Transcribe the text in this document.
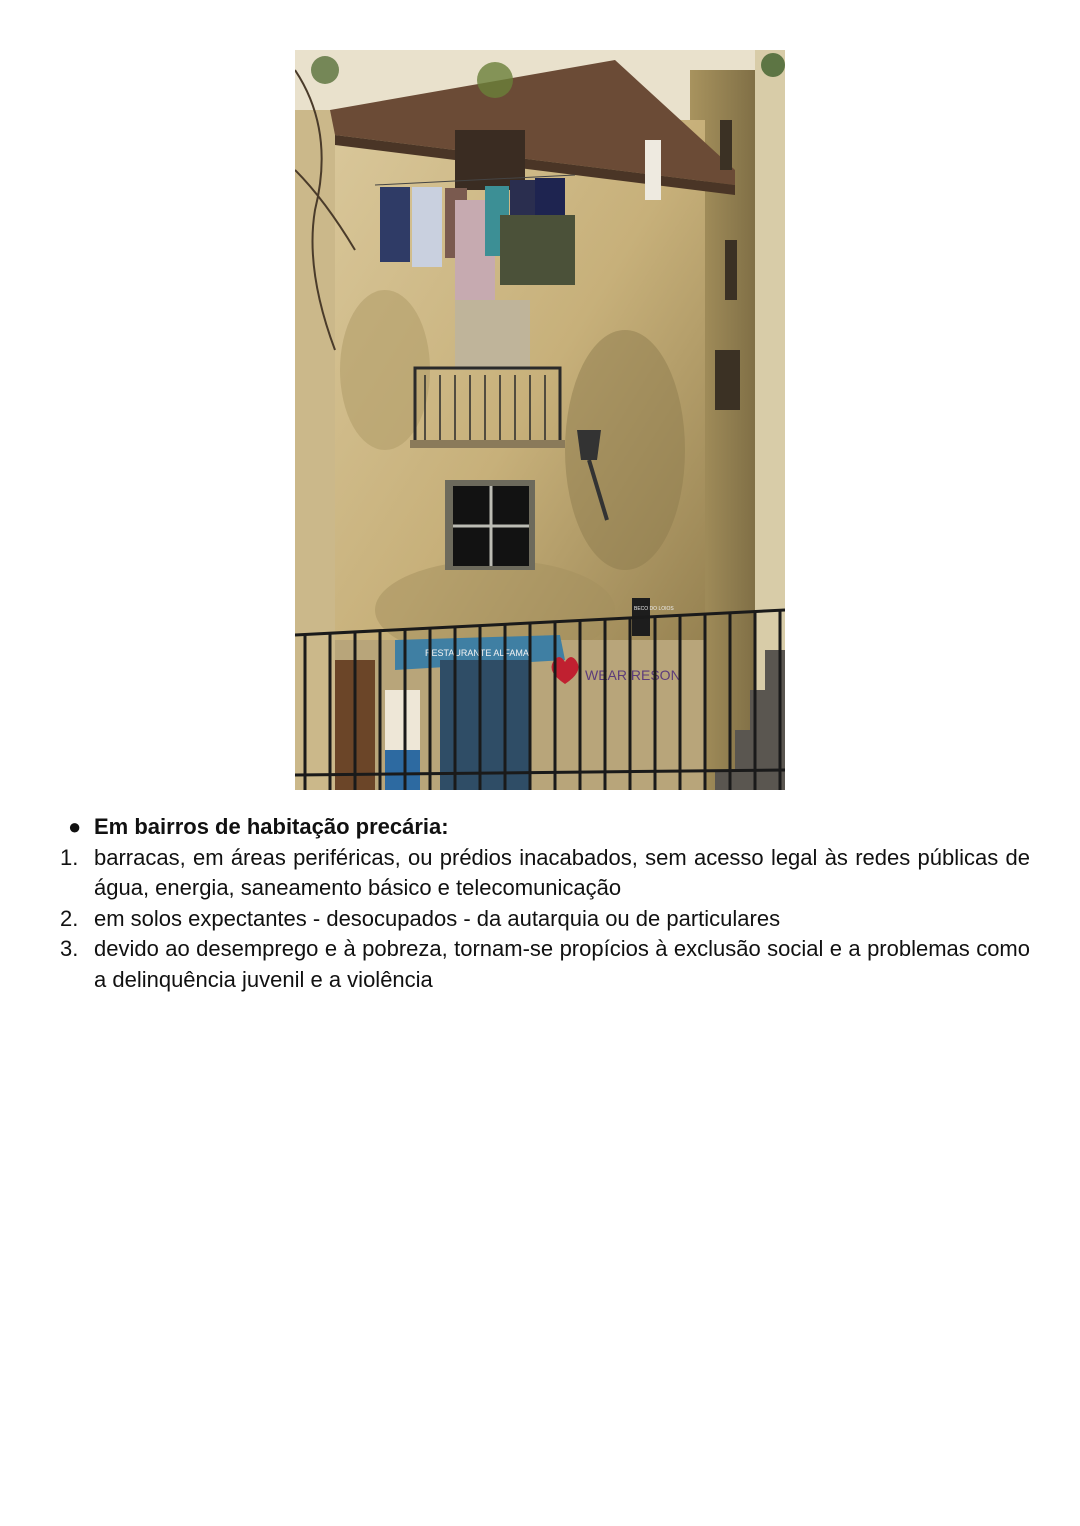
RESTAURANTE ALFAMA
WEAR RESON
BECO DO LOIOS
● Em bairros de habitação precária:
1. barracas, em áreas periféricas, ou prédios inacabados, sem acesso legal às redes públicas de água, energia, saneamento básico e telecomunicação
2. em solos expectantes - desocupados - da autarquia ou de particulares
3. devido ao desemprego e à pobreza, tornam-se propícios à exclusão social e a problemas como a delinquência juvenil e a violência
